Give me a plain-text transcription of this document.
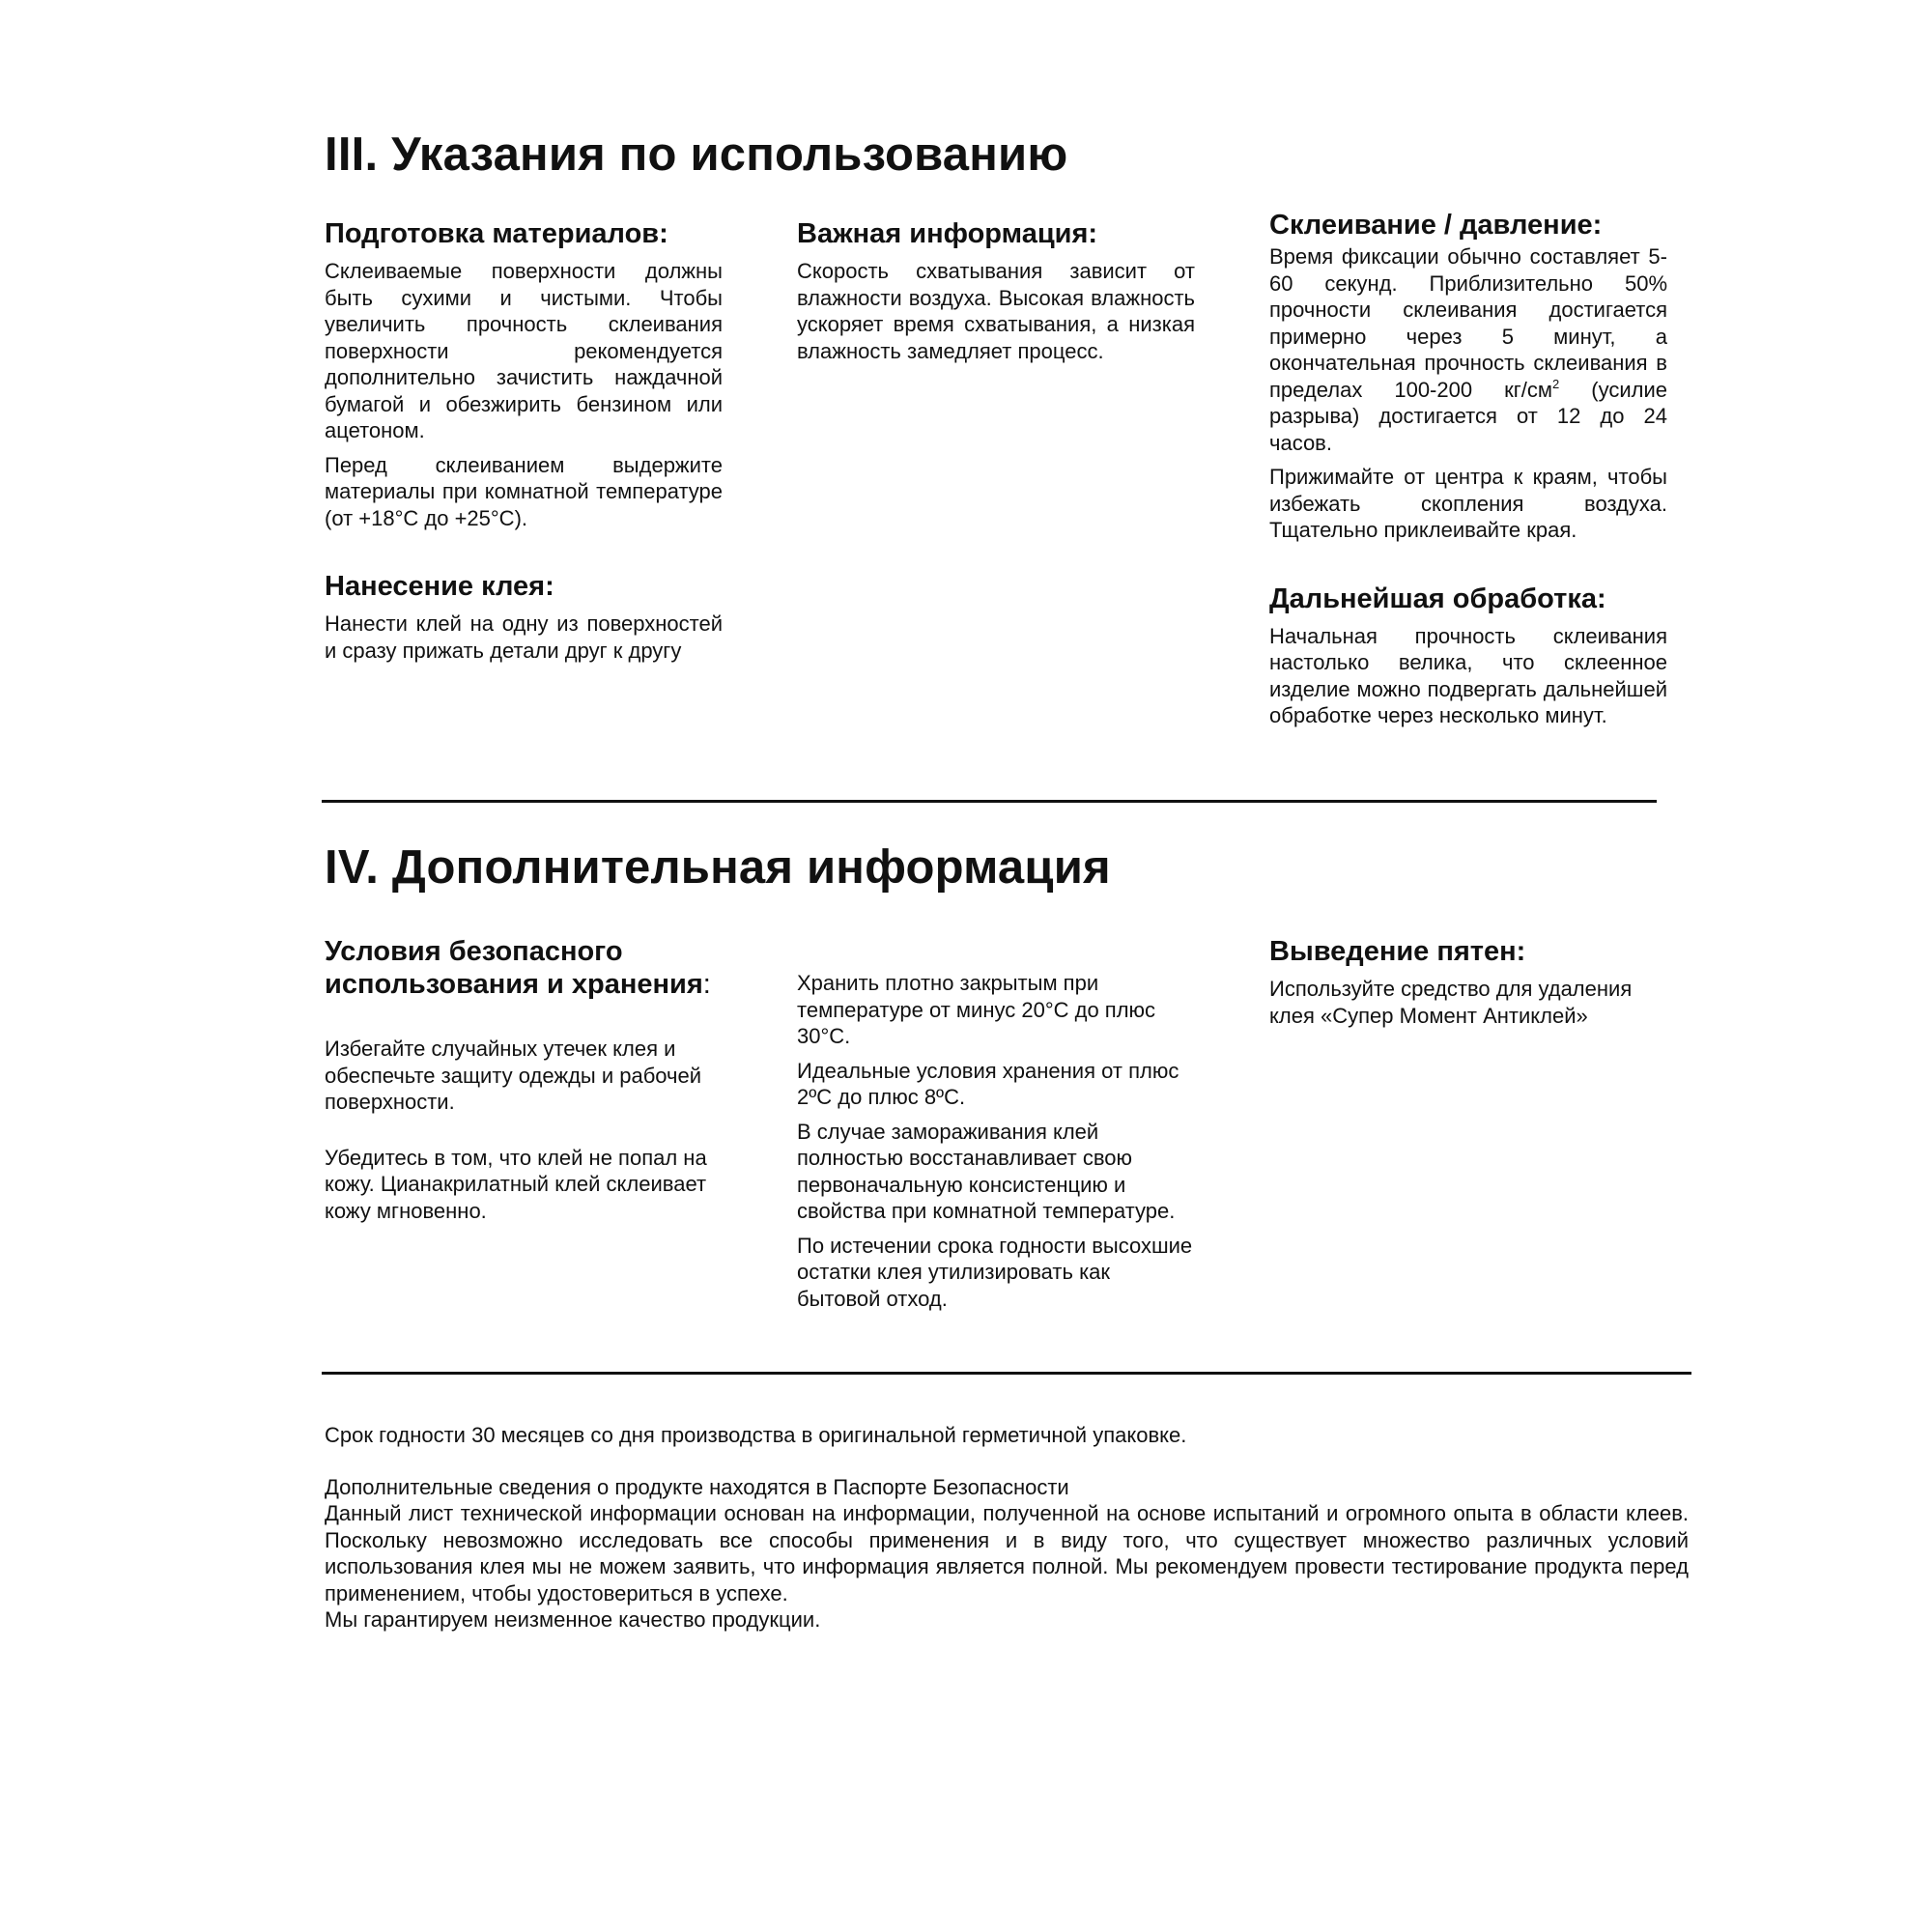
III. Указания по использованию
Подготовка материалов:

Склеиваемые поверхности должны быть сухими и чистыми. Чтобы увеличить прочность склеивания поверхности рекомендуется дополнительно зачистить наждачной бумагой и обезжирить бензином или ацетоном.

Перед склеиванием выдержите материалы при комнатной температуре (от +18°C до +25°C).

Нанесение клея:

Нанести клей на одну из поверхностей и сразу прижать детали друг к другу

Важная информация:

Скорость схватывания зависит от влажности воздуха. Высокая влажность ускоряет время схватывания, а низкая влажность замедляет процесс.

Склеивание / давление:

Время фиксации обычно составляет 5-60 секунд. Приблизительно 50% прочности склеивания достигается примерно через 5 минут, а окончательная прочность склеивания в пределах 100-200 $кг/см^2$ (усилие разрыва) достигается от 12 до 24 часов.

Прижимайте от центра к краям, чтобы избежать скопления воздуха. Тщательно приклеивайте края.

Дальнейшая обработка:

Начальная прочность склеивания настолько велика, что склеенное изделие можно подвергать дальнейшей обработке через несколько минут.

IV. Дополнительная информация
Условия безопасного использования и хранения:

Избегайте случайных утечек клея и обеспечьте защиту одежды и рабочей поверхности.

Убедитесь в том, что клей не попал на кожу. Цианакрилатный клей склеивает кожу мгновенно.

Хранить плотно закрытым при температуре от минус 20°C до плюс 30°C.

Идеальные условия хранения от плюс 2ºС до плюс 8ºС.

В случае замораживания клей полностью восстанавливает свою первоначальную консистенцию и свойства при комнатной температуре.

По истечении срока годности высохшие остатки клея утилизировать как бытовой отход.

Выведение пятен:

Используйте средство для удаления клея «Супер Момент Антиклей»

Срок годности 30 месяцев со дня производства в оригинальной герметичной упаковке.

Дополнительные сведения о продукте находятся в Паспорте Безопасности

Данный лист технической информации основан на информации, полученной на основе испытаний и огромного опыта в области клеев. Поскольку невозможно исследовать все способы применения и в виду того, что существует множество различных условий использования клея мы не можем заявить, что информация является полной. Мы рекомендуем провести тестирование продукта перед применением, чтобы удостовериться в успехе.

Мы гарантируем неизменное качество продукции.
